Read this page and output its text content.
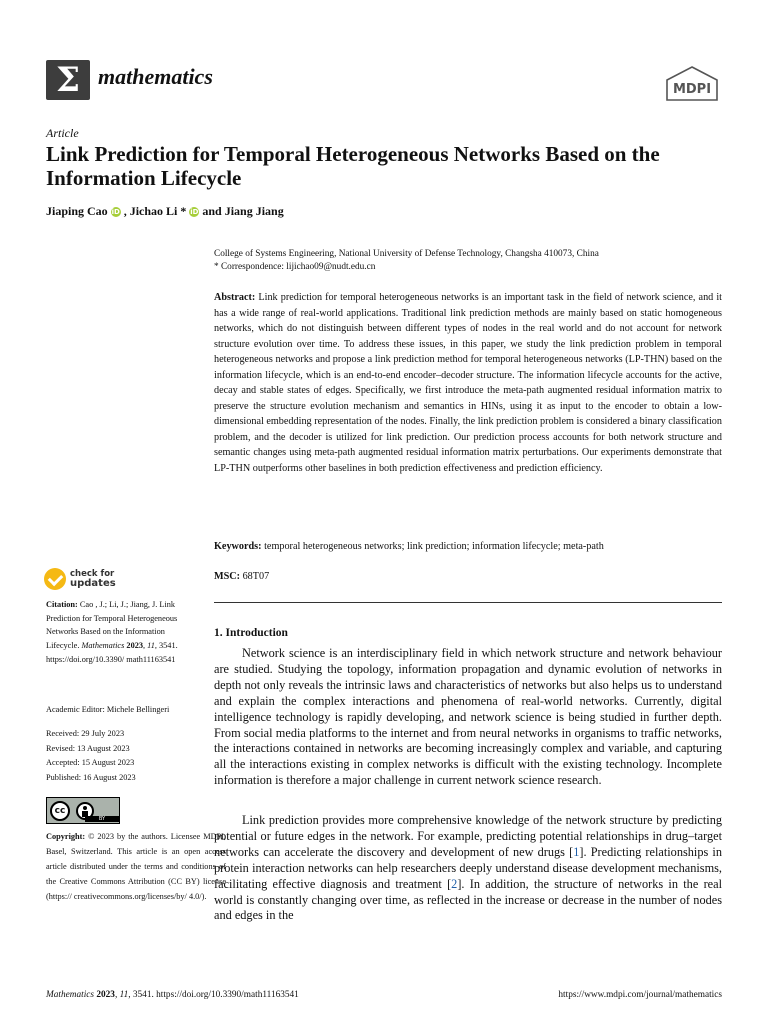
Σ mathematics
MDPI
Article
Link Prediction for Temporal Heterogeneous Networks Based on the Information Lifecycle
Jiaping Cao iD , Jichao Li * iD and Jiang Jiang
College of Systems Engineering, National University of Defense Technology, Changsha 410073, China
* Correspondence: lijichao09@nudt.edu.cn
Abstract: Link prediction for temporal heterogeneous networks is an important task in the field of network science, and it has a wide range of real-world applications. Traditional link prediction methods are mainly based on static homogeneous networks, which do not distinguish between different types of nodes in the real world and do not account for network structure evolution over time. To address these issues, in this paper, we study the link prediction problem in temporal heterogeneous networks and propose a link prediction method for temporal heterogeneous networks (LP-THN) based on the information lifecycle, which is an end-to-end encoder–decoder structure. The information lifecycle accounts for the active, decay and stable states of edges. Specifically, we first introduce the meta-path augmented residual information matrix to preserve the structure evolution mechanism and semantics in HINs, using it as input to the encoder to obtain a low-dimensional embedding representation of the nodes. Finally, the link prediction problem is considered a binary classification problem, and the decoder is utilized for link prediction. Our prediction process accounts for both network structure and semantic changes using meta-path augmented residual information matrix perturbations. Our experiments demonstrate that LP-THN outperforms other baselines in both prediction effectiveness and prediction efficiency.
Keywords: temporal heterogeneous networks; link prediction; information lifecycle; meta-path
MSC: 68T07
1. Introduction
Network science is an interdisciplinary field in which network structure and network behaviour are studied. Studying the topology, information propagation and dynamic evolution of networks in depth not only reveals the intrinsic laws and characteristics of networks but also helps us to understand and explain the complex interactions and phenomena of real-world networks. Currently, digital intelligence technology is rapidly developing, and network science is being studied in further depth. From social media platforms to the internet and from neural networks in organisms to traffic networks, the interactions contained in networks are becoming increasingly complex and variable, and capturing all the interactions existing in complex networks is difficult with the existing technology. Incomplete information is therefore a major challenge in current network science research.
Link prediction provides more comprehensive knowledge of the network structure by predicting potential or future edges in the network. For example, predicting potential relationships in drug–target networks can accelerate the discovery and development of new drugs [1]. Predicting relationships in protein interaction networks can help researchers deeply understand disease development mechanisms, facilitating effective diagnosis and treatment [2]. In addition, the structure of networks in the real world is constantly changing over time, as reflected in the increase or decrease in the number of nodes and edges in the
check for
updates
Citation: Cao , J.; Li, J.; Jiang, J. Link Prediction for Temporal Heterogeneous Networks Based on the Information Lifecycle. Mathematics 2023, 11, 3541. https://doi.org/10.3390/ math11163541
Academic Editor: Michele Bellingeri
Received: 29 July 2023
Revised: 13 August 2023
Accepted: 15 August 2023
Published: 16 August 2023
cc
BY
Copyright: © 2023 by the authors. Licensee MDPI, Basel, Switzerland. This article is an open access article distributed under the terms and conditions of the Creative Commons Attribution (CC BY) license (https:// creativecommons.org/licenses/by/ 4.0/).
Mathematics 2023, 11, 3541. https://doi.org/10.3390/math11163541	https://www.mdpi.com/journal/mathematics
